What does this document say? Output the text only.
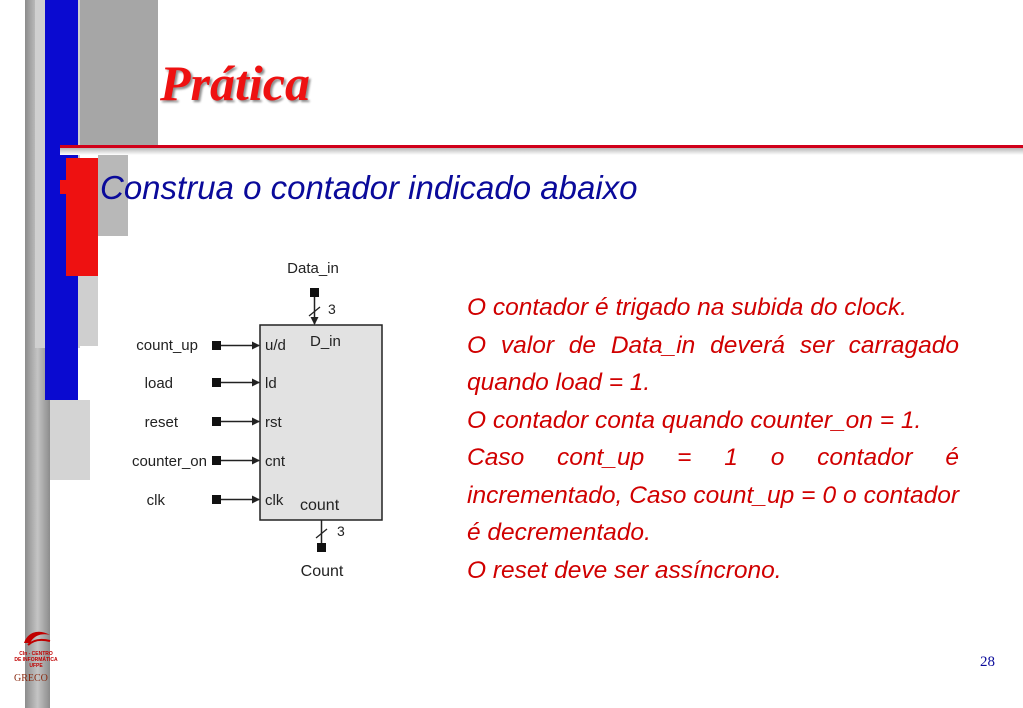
Prática

Construa o contador indicado abaixo

Data_in
3
D_in
count_up	u/d
load	ld
reset	rst
counter_on	cnt
clk	clk count
3
Count

O contador é trigado na subida do clock.

O valor de Data_in deverá ser carragado quando load = 1.

O contador conta quando counter_on = 1.

Caso cont_up = 1 o contador é incrementado, Caso count_up = 0 o contador é decrementado.

O reset deve ser assíncrono.

CIn - CENTRO
DE INFORMÁTICA
UFPE
GRECO
28
